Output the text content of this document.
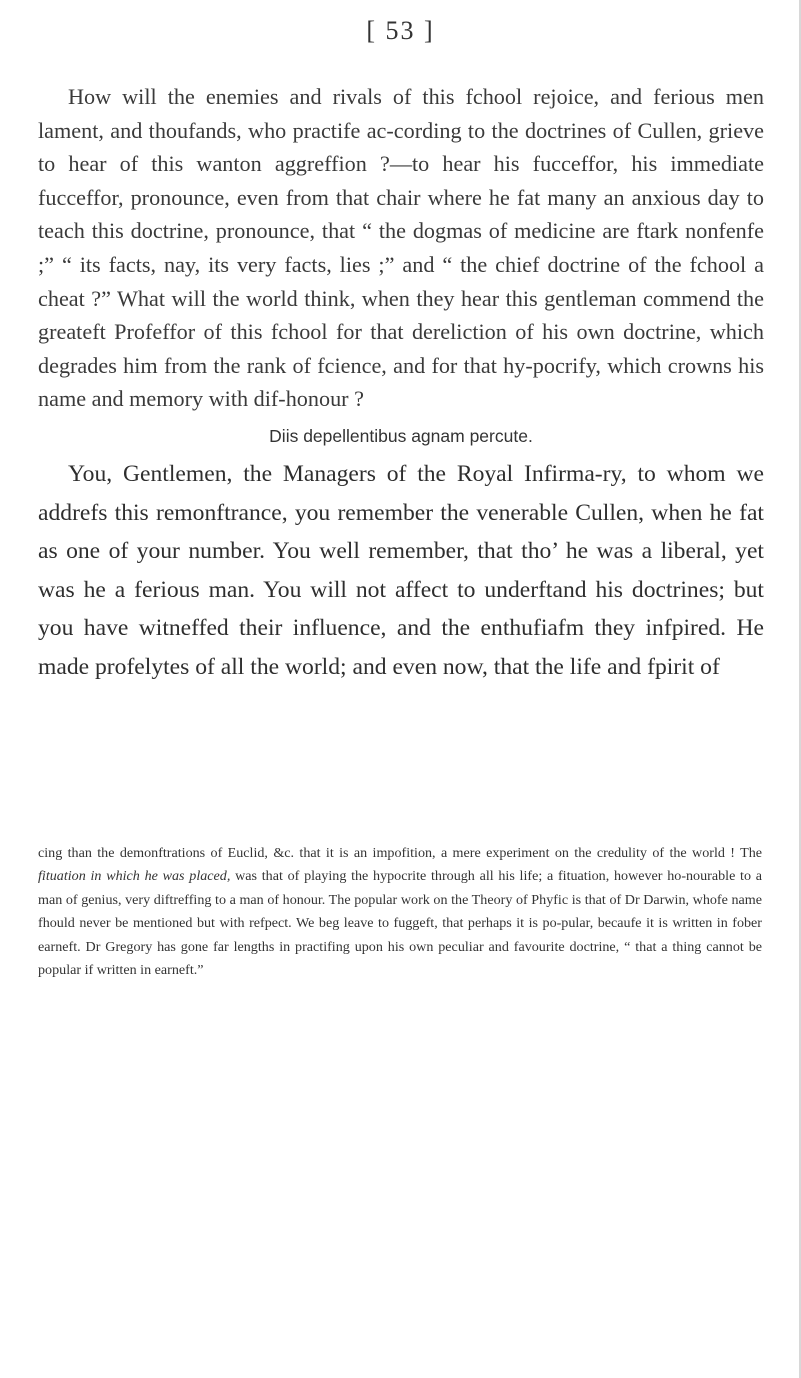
[ 53 ]

How will the enemies and rivals of this fchool rejoice, and ferious men lament, and thoufands, who practife ac-cording to the doctrines of Cullen, grieve to hear of this wanton aggreffion ?—to hear his fucceffor, his immediate fucceffor, pronounce, even from that chair where he fat many an anxious day to teach this doctrine, pronounce, that “ the dogmas of medicine are ftark nonfenfe ;” “ its facts, nay, its very facts, lies ;” and “ the chief doctrine of the fchool a cheat ?” What will the world think, when they hear this gentleman commend the greateft Profeffor of this fchool for that dereliction of his own doctrine, which degrades him from the rank of fcience, and for that hy-pocrify, which crowns his name and memory with dif-honour ?

Diis depellentibus agnam percute.

You, Gentlemen, the Managers of the Royal Infirma-ry, to whom we addrefs this remonftrance, you remember the venerable Cullen, when he fat as one of your number. You well remember, that tho’ he was a liberal, yet was he a ferious man. You will not affect to underftand his doctrines; but you have witneffed their influence, and the enthufiafm they infpired. He made profelytes of all the world; and even now, that the life and fpirit of

cing than the demonftrations of Euclid, &c. that it is an impofition, a mere experiment on the credulity of the world ! The fituation in which he was placed, was that of playing the hypocrite through all his life; a fituation, however ho-nourable to a man of genius, very diftreffing to a man of honour. The popular work on the Theory of Phyfic is that of Dr Darwin, whofe name fhould never be mentioned but with refpect. We beg leave to fuggeft, that perhaps it is po-pular, becaufe it is written in fober earneft. Dr Gregory has gone far lengths in practifing upon his own peculiar and favourite doctrine, “ that a thing cannot be popular if written in earneft.”
